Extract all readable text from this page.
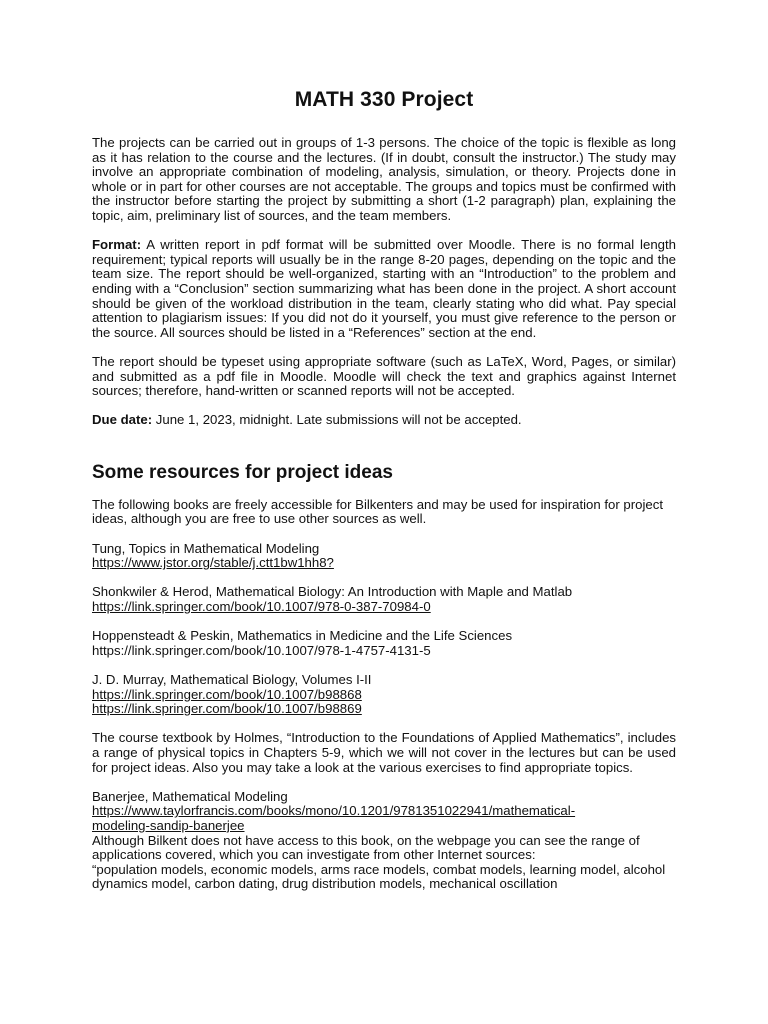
MATH 330 Project

The projects can be carried out in groups of 1-3 persons. The choice of the topic is flexible as long as it has relation to the course and the lectures. (If in doubt, consult the instructor.) The study may involve an appropriate combination of modeling, analysis, simulation, or theory. Projects done in whole or in part for other courses are not acceptable. The groups and topics must be confirmed with the instructor before starting the project by submitting a short (1-2 paragraph) plan, explaining the topic, aim, preliminary list of sources, and the team members.

Format: A written report in pdf format will be submitted over Moodle. There is no formal length requirement; typical reports will usually be in the range 8-20 pages, depending on the topic and the team size. The report should be well-organized, starting with an “Introduction” to the problem and ending with a “Conclusion” section summarizing what has been done in the project. A short account should be given of the workload distribution in the team, clearly stating who did what. Pay special attention to plagiarism issues: If you did not do it yourself, you must give reference to the person or the source. All sources should be listed in a “References” section at the end.

The report should be typeset using appropriate software (such as LaTeX, Word, Pages, or similar) and submitted as a pdf file in Moodle. Moodle will check the text and graphics against Internet sources; therefore, hand-written or scanned reports will not be accepted.

Due date: June 1, 2023, midnight. Late submissions will not be accepted.

Some resources for project ideas

The following books are freely accessible for Bilkenters and may be used for inspiration for project ideas, although you are free to use other sources as well.

Tung, Topics in Mathematical Modeling

https://www.jstor.org/stable/j.ctt1bw1hh8?

Shonkwiler & Herod, Mathematical Biology: An Introduction with Maple and Matlab

https://link.springer.com/book/10.1007/978-0-387-70984-0

Hoppensteadt & Peskin, Mathematics in Medicine and the Life Sciences

https://link.springer.com/book/10.1007/978-1-4757-4131-5

J. D. Murray, Mathematical Biology, Volumes I-II

https://link.springer.com/book/10.1007/b98868

https://link.springer.com/book/10.1007/b98869

The course textbook by Holmes, “Introduction to the Foundations of Applied Mathematics”, includes a range of physical topics in Chapters 5-9, which we will not cover in the lectures but can be used for project ideas. Also you may take a look at the various exercises to find appropriate topics.

Banerjee, Mathematical Modeling

https://www.taylorfrancis.com/books/mono/10.1201/9781351022941/mathematical-
modeling-sandip-banerjee

Although Bilkent does not have access to this book, on the webpage you can see the range of applications covered, which you can investigate from other Internet sources:

“population models, economic models, arms race models, combat models, learning model, alcohol dynamics model, carbon dating, drug distribution models, mechanical oscillation
